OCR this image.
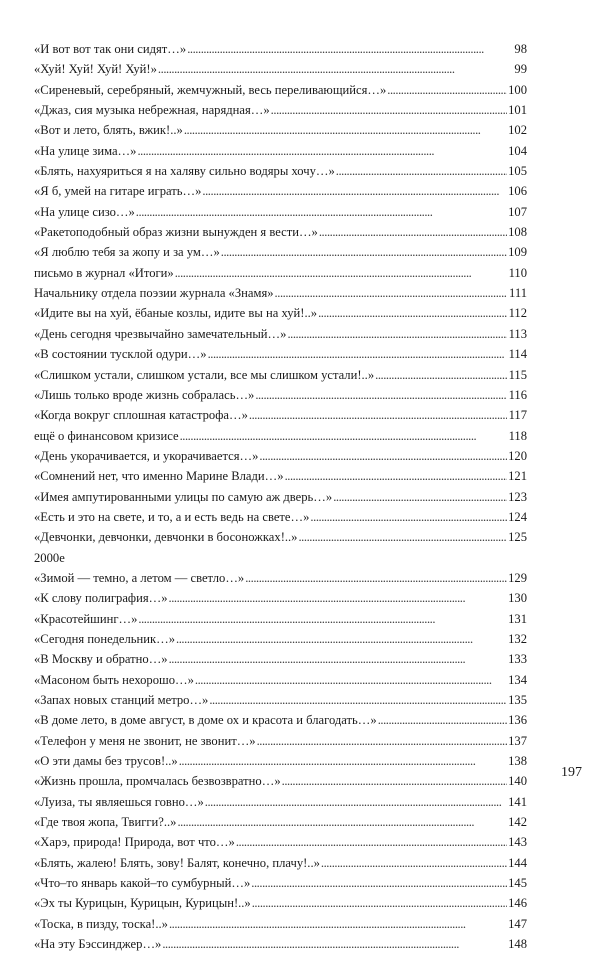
«И вот вот так они сидят…» . . .	98
«Хуй! Хуй! Хуй! Хуй!» . . .	99
«Сиреневый, серебряный, жемчужный, весь переливающийся…» . . .	100
«Джаз, сия музыка небрежная, нарядная…» . . .	101
«Вот и лето, блять, вжик!..» . . .	102
«На улице зима…» . . .	104
«Блять, нахуяриться я на халяву сильно водяры хочу…» . . .	105
«Я б, умей на гитаре играть…» . . .	106
«На улице сизо…» . . .	107
«Ракетоподобный образ жизни вынужден я вести…» . . .	108
«Я люблю тебя за жопу и за ум…» . . .	109
письмо в журнал «Итоги» . . .	110
Начальнику отдела поэзии журнала «Знамя» . . .	111
«Идите вы на хуй, ёбаные козлы, идите вы на хуй!..» . . .	112
«День сегодня чрезвычайно замечательный…» . . .	113
«В состоянии тусклой одури…» . . .	114
«Слишком устали, слишком устали, все мы слишком устали!..» . . .	115
«Лишь только вроде жизнь собралась…» . . .	116
«Когда вокруг сплошная катастрофа…» . . .	117
ещё о финансовом кризисе . . .	118
«День укорачивается, и укорачивается…» . . .	120
«Сомнений нет, что именно Марине Влади…» . . .	121
«Имея ампутированными улицы по самую аж дверь…» . . .	123
«Есть и это на свете, и то, а и есть ведь на свете…» . . .	124
«Девчонки, девчонки, девчонки в босоножках!..» . . .	125
2000е
«Зимой — темно, а летом — светло…» . . .	129
«К слову полиграфия…» . . .	130
«Красотейшинг…» . . .	131
«Сегодня понедельник…» . . .	132
«В Москву и обратно…» . . .	133
«Масоном быть нехорошо…» . . .	134
«Запах новых станций метро…» . . .	135
«В доме лето, в доме август, в доме ох и красота и благодать…» . . .	136
«Телефон у меня не звонит, не звонит…» . . .	137
«О эти дамы без трусов!..» . . .	138
«Жизнь прошла, промчалась безвозвратно…» . . .	140
«Луиза, ты являешься говно…» . . .	141
«Где твоя жопа, Твигги?..» . . .	142
«Харэ, природа! Природа, вот что…» . . .	143
«Блять, жалею! Блять, зову! Балят, конечно, плачу!..» . . .	144
«Что–то январь какой–то сумбурный…» . . .	145
«Эх ты Курицын, Курицын, Курицын!..» . . .	146
«Тоска, в пизду, тоска!..» . . .	147
«На эту Бэссинджер…» . . .	148
197
